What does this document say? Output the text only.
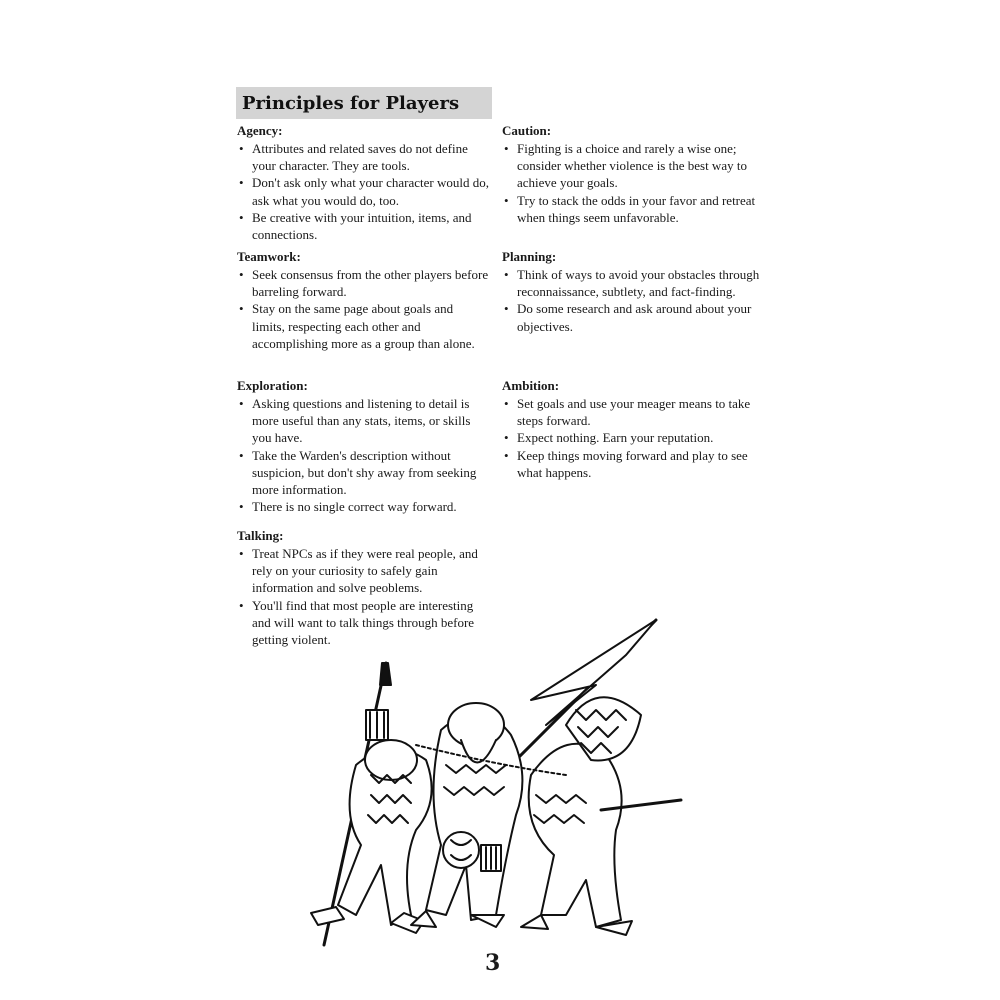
Principles for Players
Agency:
• Attributes and related saves do not define your character. They are tools.
• Don't ask only what your character would do, ask what you would do, too.
• Be creative with your intuition, items, and connections.
Teamwork:
• Seek consensus from the other players before barreling forward.
• Stay on the same page about goals and limits, respecting each other and accomplishing more as a group than alone.
Exploration:
• Asking questions and listening to detail is more useful than any stats, items, or skills you have.
• Take the Warden's description without suspicion, but don't shy away from seeking more information.
• There is no single correct way forward.
Talking:
• Treat NPCs as if they were real people, and rely on your curiosity to safely gain information and solve peoblems.
• You'll find that most people are interesting and will want to talk things through before getting violent.
Caution:
• Fighting is a choice and rarely a wise one; consider whether violence is the best way to achieve your goals.
• Try to stack the odds in your favor and retreat when things seem unfavorable.
Planning:
• Think of ways to avoid your obstacles through reconnaissance, subtlety, and fact-finding.
• Do some research and ask around about your objectives.
Ambition:
• Set goals and use your meager means to take steps forward.
• Expect nothing. Earn your reputation.
• Keep things moving forward and play to see what happens.
3
